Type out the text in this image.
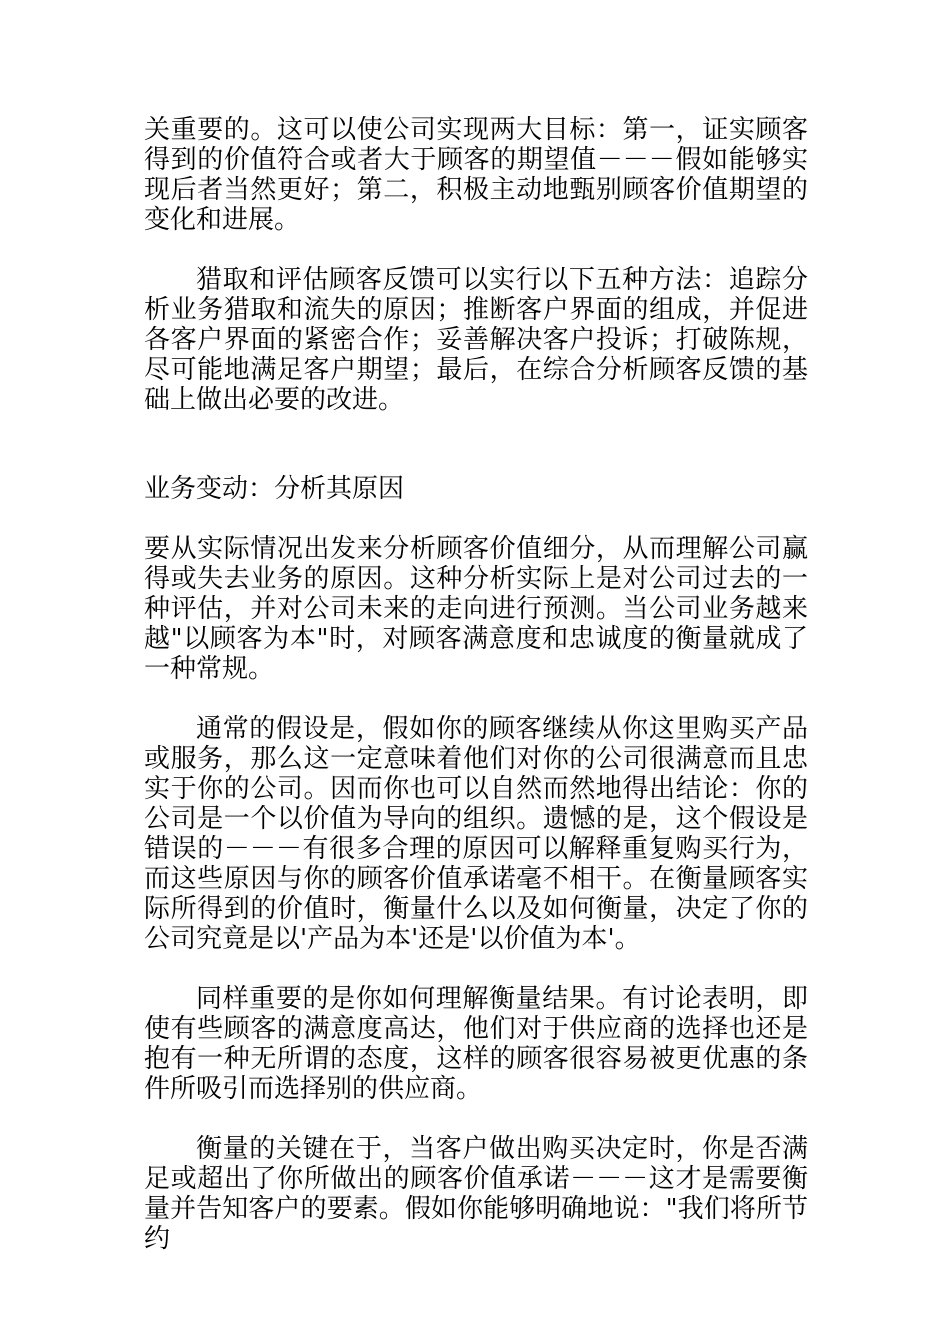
关重要的。这可以使公司实现两大目标：第一，证实顾客得到的价值符合或者大于顾客的期望值－－－假如能够实现后者当然更好；第二，积极主动地甄别顾客价值期望的变化和进展。

猎取和评估顾客反馈可以实行以下五种方法：追踪分析业务猎取和流失的原因；推断客户界面的组成，并促进各客户界面的紧密合作；妥善解决客户投诉；打破陈规，尽可能地满足客户期望；最后，在综合分析顾客反馈的基础上做出必要的改进。

业务变动：分析其原因

要从实际情况出发来分析顾客价值细分，从而理解公司赢得或失去业务的原因。这种分析实际上是对公司过去的一种评估，并对公司未来的走向进行预测。当公司业务越来越"以顾客为本"时，对顾客满意度和忠诚度的衡量就成了一种常规。

通常的假设是，假如你的顾客继续从你这里购买产品或服务，那么这一定意味着他们对你的公司很满意而且忠实于你的公司。因而你也可以自然而然地得出结论：你的公司是一个以价值为导向的组织。遗憾的是，这个假设是错误的－－－有很多合理的原因可以解释重复购买行为，而这些原因与你的顾客价值承诺毫不相干。在衡量顾客实际所得到的价值时，衡量什么以及如何衡量，决定了你的公司究竟是以'产品为本'还是'以价值为本'。

同样重要的是你如何理解衡量结果。有讨论表明，即使有些顾客的满意度高达，他们对于供应商的选择也还是抱有一种无所谓的态度，这样的顾客很容易被更优惠的条件所吸引而选择别的供应商。

衡量的关键在于，当客户做出购买决定时，你是否满足或超出了你所做出的顾客价值承诺－－－这才是需要衡量并告知客户的要素。假如你能够明确地说："我们将所节约
